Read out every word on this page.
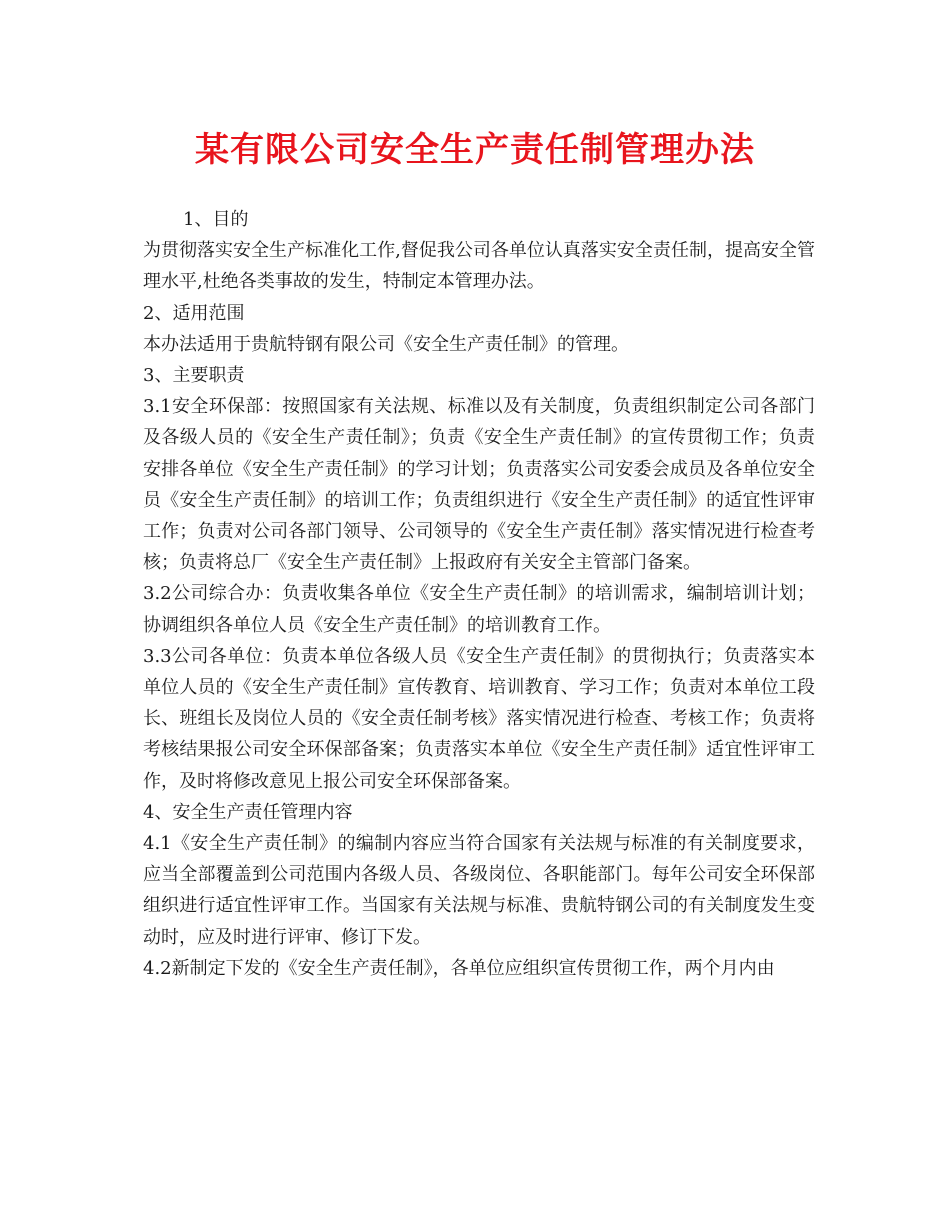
某有限公司安全生产责任制管理办法

1、目的

为贯彻落实安全生产标准化工作,督促我公司各单位认真落实安全责任制，提高安全管理水平,杜绝各类事故的发生，特制定本管理办法。

2、适用范围

本办法适用于贵航特钢有限公司《安全生产责任制》的管理。

3、主要职责

3.1安全环保部：按照国家有关法规、标准以及有关制度，负责组织制定公司各部门及各级人员的《安全生产责任制》；负责《安全生产责任制》的宣传贯彻工作；负责安排各单位《安全生产责任制》的学习计划；负责落实公司安委会成员及各单位安全员《安全生产责任制》的培训工作；负责组织进行《安全生产责任制》的适宜性评审工作；负责对公司各部门领导、公司领导的《安全生产责任制》落实情况进行检查考核；负责将总厂《安全生产责任制》上报政府有关安全主管部门备案。

3.2公司综合办：负责收集各单位《安全生产责任制》的培训需求，编制培训计划；协调组织各单位人员《安全生产责任制》的培训教育工作。

3.3公司各单位：负责本单位各级人员《安全生产责任制》的贯彻执行；负责落实本单位人员的《安全生产责任制》宣传教育、培训教育、学习工作；负责对本单位工段长、班组长及岗位人员的《安全责任制考核》落实情况进行检查、考核工作；负责将考核结果报公司安全环保部备案；负责落实本单位《安全生产责任制》适宜性评审工作，及时将修改意见上报公司安全环保部备案。

4、安全生产责任管理内容

4.1《安全生产责任制》的编制内容应当符合国家有关法规与标准的有关制度要求，应当全部覆盖到公司范围内各级人员、各级岗位、各职能部门。每年公司安全环保部组织进行适宜性评审工作。当国家有关法规与标准、贵航特钢公司的有关制度发生变动时，应及时进行评审、修订下发。

4.2新制定下发的《安全生产责任制》，各单位应组织宣传贯彻工作，两个月内由
